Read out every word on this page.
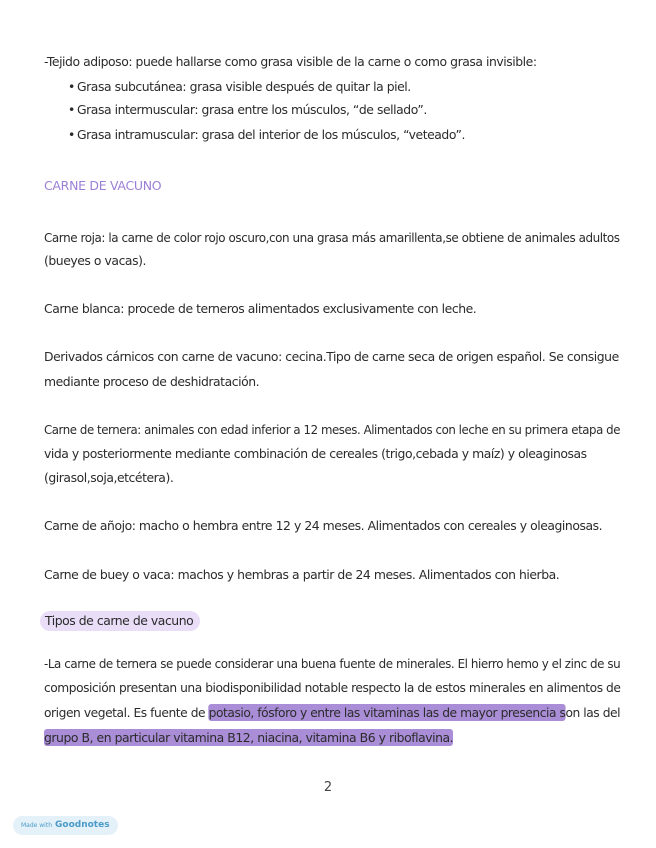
-Tejido adiposo: puede hallarse como grasa visible de la carne o como grasa invisible:
• Grasa subcutánea: grasa visible después de quitar la piel.
• Grasa intermuscular: grasa entre los músculos, “de sellado”.
• Grasa intramuscular: grasa del interior de los músculos, “veteado”.
CARNE DE VACUNO
Carne roja: la carne de color rojo oscuro,con una grasa más amarillenta,se obtiene de animales adultos
(bueyes o vacas).
Carne blanca: procede de terneros alimentados exclusivamente con leche.
Derivados cárnicos con carne de vacuno: cecina.Tipo de carne seca de origen español. Se consigue
mediante proceso de deshidratación.
Carne de ternera: animales con edad inferior a 12 meses. Alimentados con leche en su primera etapa de
vida y posteriormente mediante combinación de cereales (trigo,cebada y maíz) y oleaginosas
(girasol,soja,etcétera).
Carne de añojo: macho o hembra entre 12 y 24 meses. Alimentados con cereales y oleaginosas.
Carne de buey o vaca: machos y hembras a partir de 24 meses. Alimentados con hierba.
Tipos de carne de vacuno
-La carne de ternera se puede considerar una buena fuente de minerales. El hierro hemo y el zinc de su
composición presentan una biodisponibilidad notable respecto la de estos minerales en alimentos de
origen vegetal. Es fuente de potasio, fósforo y entre las vitaminas las de mayor presencia son las del
grupo B, en particular vitamina B12, niacina, vitamina B6 y riboflavina.
2
Made with Goodnotes
